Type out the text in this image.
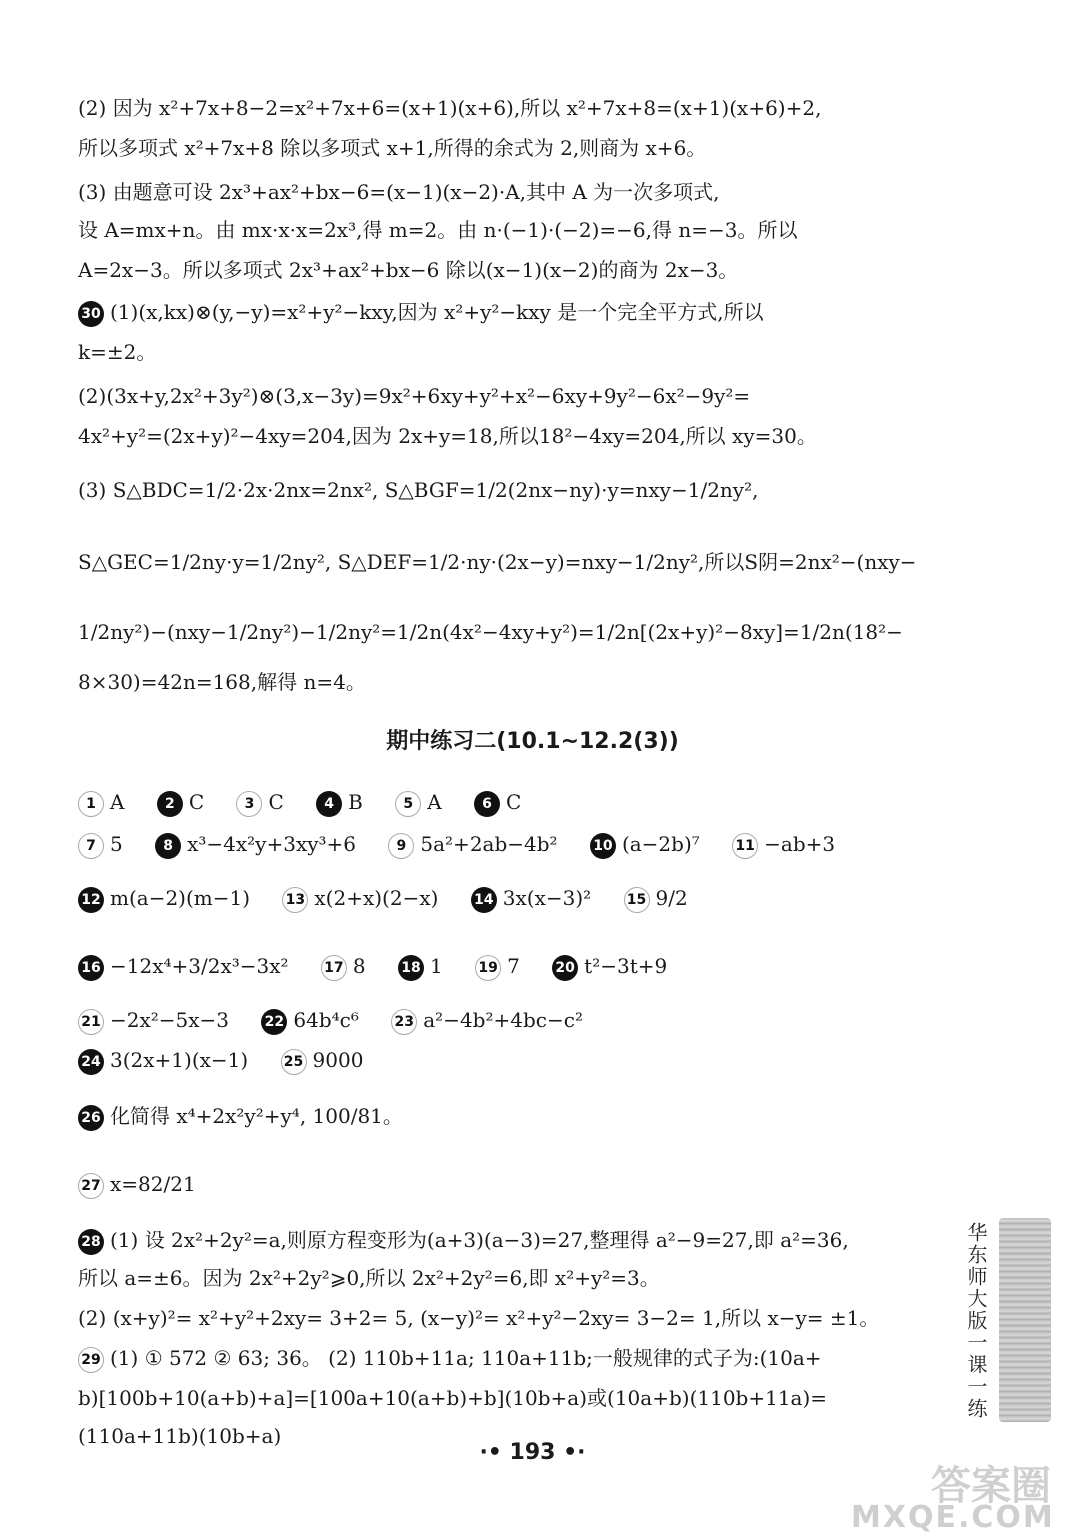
(2) 因为 x²+7x+8−2=x²+7x+6=(x+1)(x+6),所以 x²+7x+8=(x+1)(x+6)+2,
所以多项式 x²+7x+8 除以多项式 x+1,所得的余式为 2,则商为 x+6。
(3) 由题意可设 2x³+ax²+bx−6=(x−1)(x−2)·A,其中 A 为一次多项式,
设 A=mx+n。由 mx·x·x=2x³,得 m=2。由 n·(−1)·(−2)=−6,得 n=−3。所以
A=2x−3。所以多项式 2x³+ax²+bx−6 除以(x−1)(x−2)的商为 2x−3。
30 (1)(x,kx)⊗(y,−y)=x²+y²−kxy,因为 x²+y²−kxy 是一个完全平方式,所以
k=±2。
(2)(3x+y,2x²+3y²)⊗(3,x−3y)=9x²+6xy+y²+x²−6xy+9y²−6x²−9y²=
4x²+y²=(2x+y)²−4xy=204,因为 2x+y=18,所以18²−4xy=204,所以 xy=30。
(3) S△BDC=1/2·2x·2nx=2nx², S△BGF=1/2(2nx−ny)·y=nxy−1/2ny²,
S△GEC=1/2ny·y=1/2ny², S△DEF=1/2·ny·(2x−y)=nxy−1/2ny²,所以S阴=2nx²−(nxy−
1/2ny²)−(nxy−1/2ny²)−1/2ny²=1/2n(4x²−4xy+y²)=1/2n[(2x+y)²−8xy]=1/2n(18²−
8×30)=42n=168,解得 n=4。
期中练习二(10.1~12.2(3))
1 A	2 C	3 C	4 B	5 A	6 C
7 5	8 x³−4x²y+3xy³+6	9 5a²+2ab−4b²	10 (a−2b)⁷	11 −ab+3
12 m(a−2)(m−1)	13 x(2+x)(2−x)	14 3x(x−3)²	15 9/2
16 −12x⁴+3/2x³−3x²	17 8	18 1	19 7	20 t²−3t+9
21 −2x²−5x−3	22 64b⁴c⁶	23 a²−4b²+4bc−c²
24 3(2x+1)(x−1)	25 9000
26 化简得 x⁴+2x²y²+y⁴, 100/81。
27 x=82/21
28 (1) 设 2x²+2y²=a,则原方程变形为(a+3)(a−3)=27,整理得 a²−9=27,即 a²=36,
所以 a=±6。因为 2x²+2y²⩾0,所以 2x²+2y²=6,即 x²+y²=3。
(2) (x+y)²= x²+y²+2xy= 3+2= 5, (x−y)²= x²+y²−2xy= 3−2= 1,所以 x−y= ±1。
29 (1) ① 572 ② 63; 36。 (2) 110b+11a; 110a+11b;一般规律的式子为:(10a+
b)[100b+10(a+b)+a]=[100a+10(a+b)+b](10b+a)或(10a+b)(110b+11a)=
(110a+11b)(10b+a)
华东师大版一课一练
·• 193 •·
答案圈
MXQE.COM
